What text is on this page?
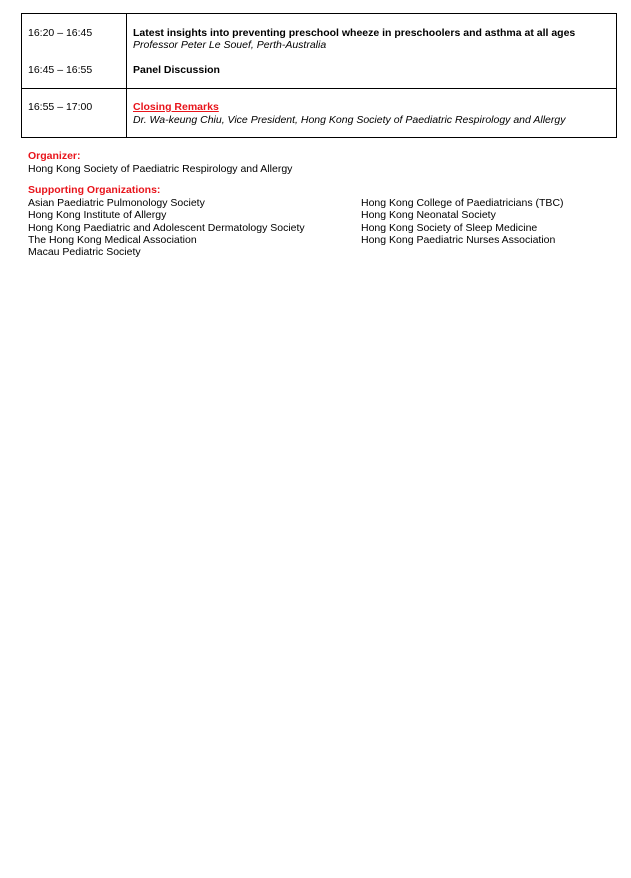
16:20 – 16:45
16:45 – 16:55
Latest insights into preventing preschool wheeze in preschoolers and asthma at all ages
Professor Peter Le Souef, Perth-Australia
Panel Discussion
16:55 – 17:00	Closing Remarks
Dr. Wa-keung Chiu, Vice President, Hong Kong Society of Paediatric Respirology and Allergy
Organizer:
Hong Kong Society of Paediatric Respirology and Allergy
Supporting Organizations:
Asian Paediatric Pulmonology Society
Hong Kong Institute of Allergy
Hong Kong Paediatric and Adolescent Dermatology Society
The Hong Kong Medical Association
Macau Pediatric Society
Hong Kong College of Paediatricians (TBC)
Hong Kong Neonatal Society
Hong Kong Society of Sleep Medicine
Hong Kong Paediatric Nurses Association
